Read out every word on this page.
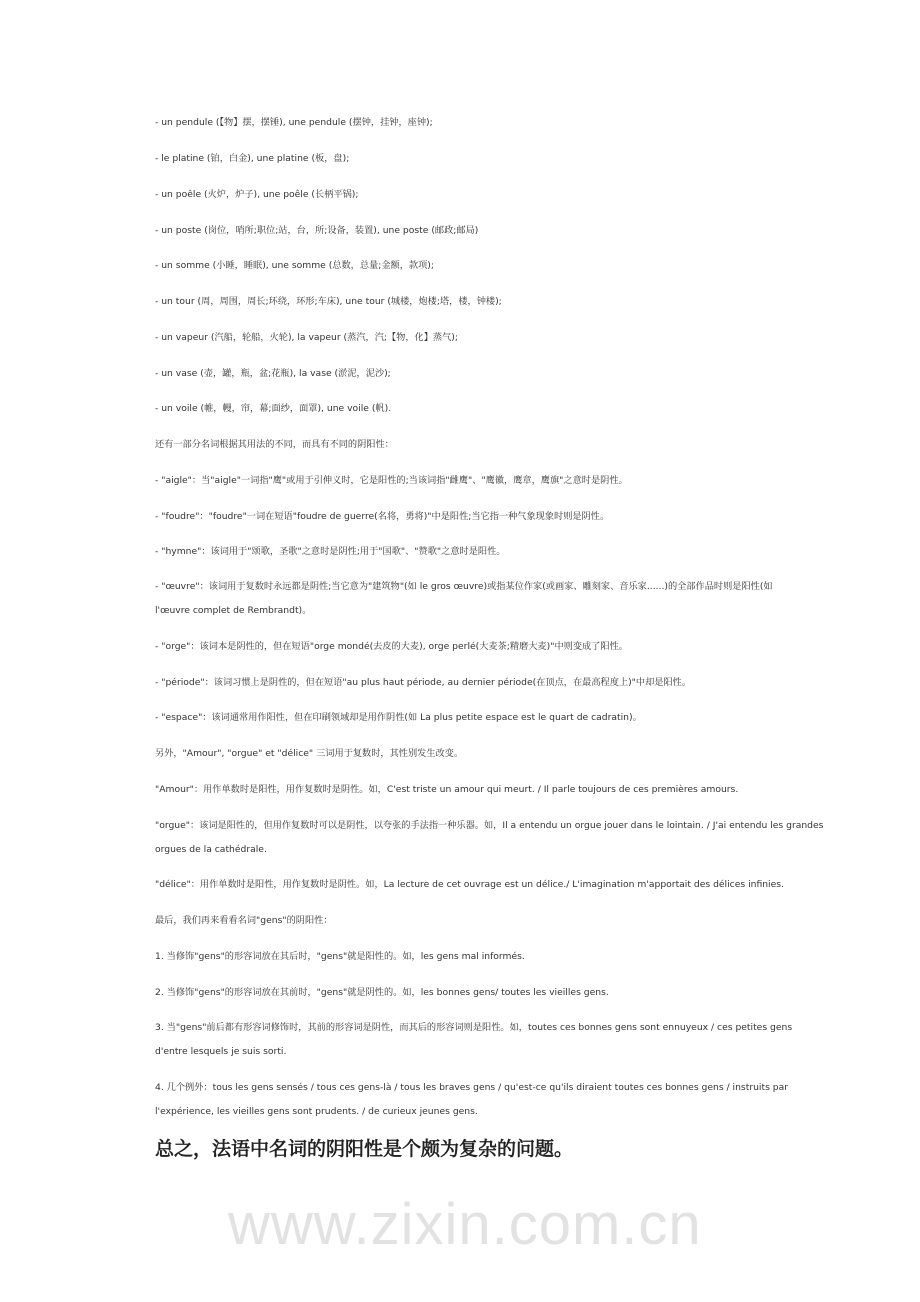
- un pendule (【物】摆，摆锤), une pendule (摆钟，挂钟，座钟);
- le platine (铂，白金), une platine (板，盘);
- un poêle (火炉，炉子), une poêle (长柄平锅);
- un poste (岗位，哨所;职位;站，台，所;设备，装置), une poste (邮政;邮局)
- un somme (小睡，睡眠), une somme (总数，总量;金额，款项);
- un tour (周，周围，周长;环绕，环形;车床), une tour (城楼，炮楼;塔，楼，钟楼);
- un vapeur (汽船，轮船，火轮), la vapeur (蒸汽，汽;【物，化】蒸气);
- un vase (壶，罐，瓶，盆;花瓶), la vase (淤泥，泥沙);
- un voile (帷，幔，帘，幕;面纱，面罩), une voile (帆).
还有一部分名词根据其用法的不同，而具有不同的阴阳性：
- "aigle"：当"aigle"一词指"鹰"或用于引伸义时，它是阳性的;当该词指"雌鹰"、"鹰徽，鹰章，鹰旗"之意时是阴性。
- "foudre"："foudre"一词在短语"foudre de guerre(名将，勇将)"中是阳性;当它指一种气象现象时则是阴性。
- "hymne"：该词用于"颂歌，圣歌"之意时是阴性;用于"国歌"、"赞歌"之意时是阳性。
- "œuvre"：该词用于复数时永远都是阴性;当它意为"建筑物"(如 le gros œuvre)或指某位作家(或画家、雕刻家、音乐家......)的全部作品时则是阳性(如
l'œuvre complet de Rembrandt)。
- "orge"：该词本是阴性的，但在短语"orge mondé(去皮的大麦), orge perlé(大麦茶;精磨大麦)"中则变成了阳性。
- "période"：该词习惯上是阴性的，但在短语"au plus haut période, au dernier période(在顶点，在最高程度上)"中却是阳性。
- "espace"：该词通常用作阳性，但在印刷领域却是用作阴性(如 La plus petite espace est le quart de cadratin)。
另外，"Amour", "orgue" et "délice" 三词用于复数时，其性别发生改变。
"Amour"：用作单数时是阳性，用作复数时是阴性。如，C'est triste un amour qui meurt. / Il parle toujours de ces premières amours.
"orgue"：该词是阳性的，但用作复数时可以是阴性，以夸张的手法指一种乐器。如，Il a entendu un orgue jouer dans le lointain. / J'ai entendu les grandes
orgues de la cathédrale.
"délice"：用作单数时是阳性，用作复数时是阴性。如，La lecture de cet ouvrage est un délice./ L'imagination m'apportait des délices infinies.
最后，我们再来看看名词"gens"的阴阳性：
1. 当修饰"gens"的形容词放在其后时，"gens"就是阳性的。如，les gens mal informés.
2. 当修饰"gens"的形容词放在其前时，"gens"就是阴性的。如，les bonnes gens/ toutes les vieilles gens.
3. 当"gens"前后都有形容词修饰时，其前的形容词是阴性，而其后的形容词则是阳性。如，toutes ces bonnes gens sont ennuyeux / ces petites gens
d'entre lesquels je suis sorti.
4. 几个例外：tous les gens sensés / tous ces gens-là / tous les braves gens / qu'est-ce qu'ils diraient toutes ces bonnes gens / instruits par
l'expérience, les vieilles gens sont prudents. / de curieux jeunes gens.
总之，法语中名词的阴阳性是个颇为复杂的问题。
www.zixin.com.cn
